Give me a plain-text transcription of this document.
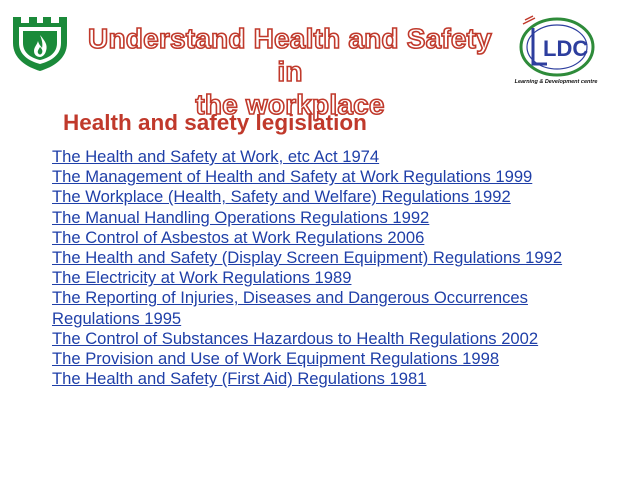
Understand Health and Safety in
the workplace
LDC
Learning & Development centre
Health and safety legislation
The Health and Safety at Work, etc Act 1974
The Management of Health and Safety at Work Regulations 1999
The Workplace (Health, Safety and Welfare) Regulations 1992
The Manual Handling Operations Regulations 1992
The Control of Asbestos at Work Regulations 2006
The Health and Safety (Display Screen Equipment) Regulations 1992
The Electricity at Work Regulations 1989
The Reporting of Injuries, Diseases and Dangerous Occurrences Regulations 1995
The Control of Substances Hazardous to Health Regulations 2002
The Provision and Use of Work Equipment Regulations 1998
The Health and Safety (First Aid) Regulations 1981
